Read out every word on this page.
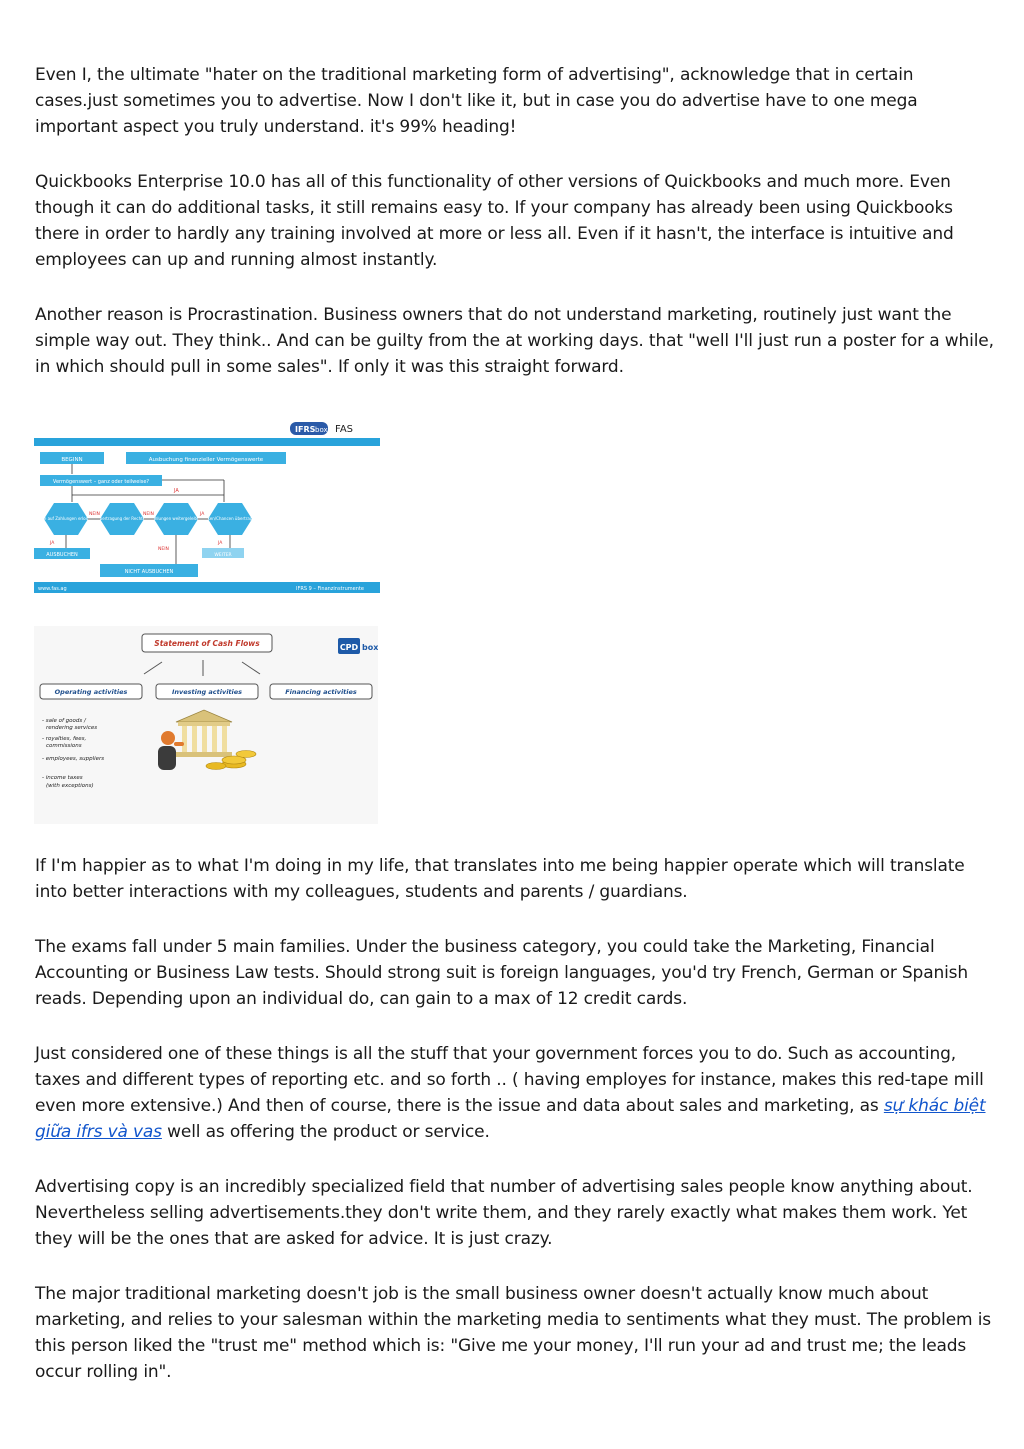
Even I, the ultimate "hater on the traditional marketing form of advertising", acknowledge that in certain cases.just sometimes you to advertise. Now I don't like it, but in case you do advertise have to one mega important aspect you truly understand. it's 99% heading!

Quickbooks Enterprise 10.0 has all of this functionality of other versions of Quickbooks and much more. Even though it can do additional tasks, it still remains easy to. If your company has already been using Quickbooks there in order to hardly any training involved at more or less all. Even if it hasn't, the interface is intuitive and employees can up and running almost instantly.

Another reason is Procrastination. Business owners that do not understand marketing, routinely just want the simple way out. They think.. And can be guilty from the at working days. that "well I'll just run a poster for a while, in which should pull in some sales". If only it was this straight forward.

IFRS box FAS
BEGINN	Ausbuchung finanzieller Vermögenswerte
Vermögenswert – ganz oder teilweise?
JA
Rechte auf Zahlungen erloschen?
Übertragung der Rechte? Zahlungen weitergeleitet?
Risiken/Chancen übertragen?
NEIN	NEIN	JA
JA
AUSBUCHEN
NEIN
JA
WEITER
NICHT AUSBUCHEN
www.fas.ag	IFRS 9 – Finanzinstrumente
Statement of Cash Flows	CPD box
Operating activities	Investing activities	Financing activities
- sale of goods /
rendering services
- royalties, fees,
commissions
- employees, suppliers
- income taxes
(with exceptions)

If I'm happier as to what I'm doing in my life, that translates into me being happier operate which will translate into better interactions with my colleagues, students and parents / guardians.

The exams fall under 5 main families. Under the business category, you could take the Marketing, Financial Accounting or Business Law tests. Should strong suit is foreign languages, you'd try French, German or Spanish reads. Depending upon an individual do, can gain to a max of 12 credit cards.

Just considered one of these things is all the stuff that your government forces you to do. Such as accounting, taxes and different types of reporting etc. and so forth .. ( having employes for instance, makes this red-tape mill even more extensive.) And then of course, there is the issue and data about sales and marketing, as sự khác biệt giữa ifrs và vas well as offering the product or service.

Advertising copy is an incredibly specialized field that number of advertising sales people know anything about. Nevertheless selling advertisements.they don't write them, and they rarely exactly what makes them work. Yet they will be the ones that are asked for advice. It is just crazy.

The major traditional marketing doesn't job is the small business owner doesn't actually know much about marketing, and relies to your salesman within the marketing media to sentiments what they must. The problem is this person liked the "trust me" method which is: "Give me your money, I'll run your ad and trust me; the leads occur rolling in".
